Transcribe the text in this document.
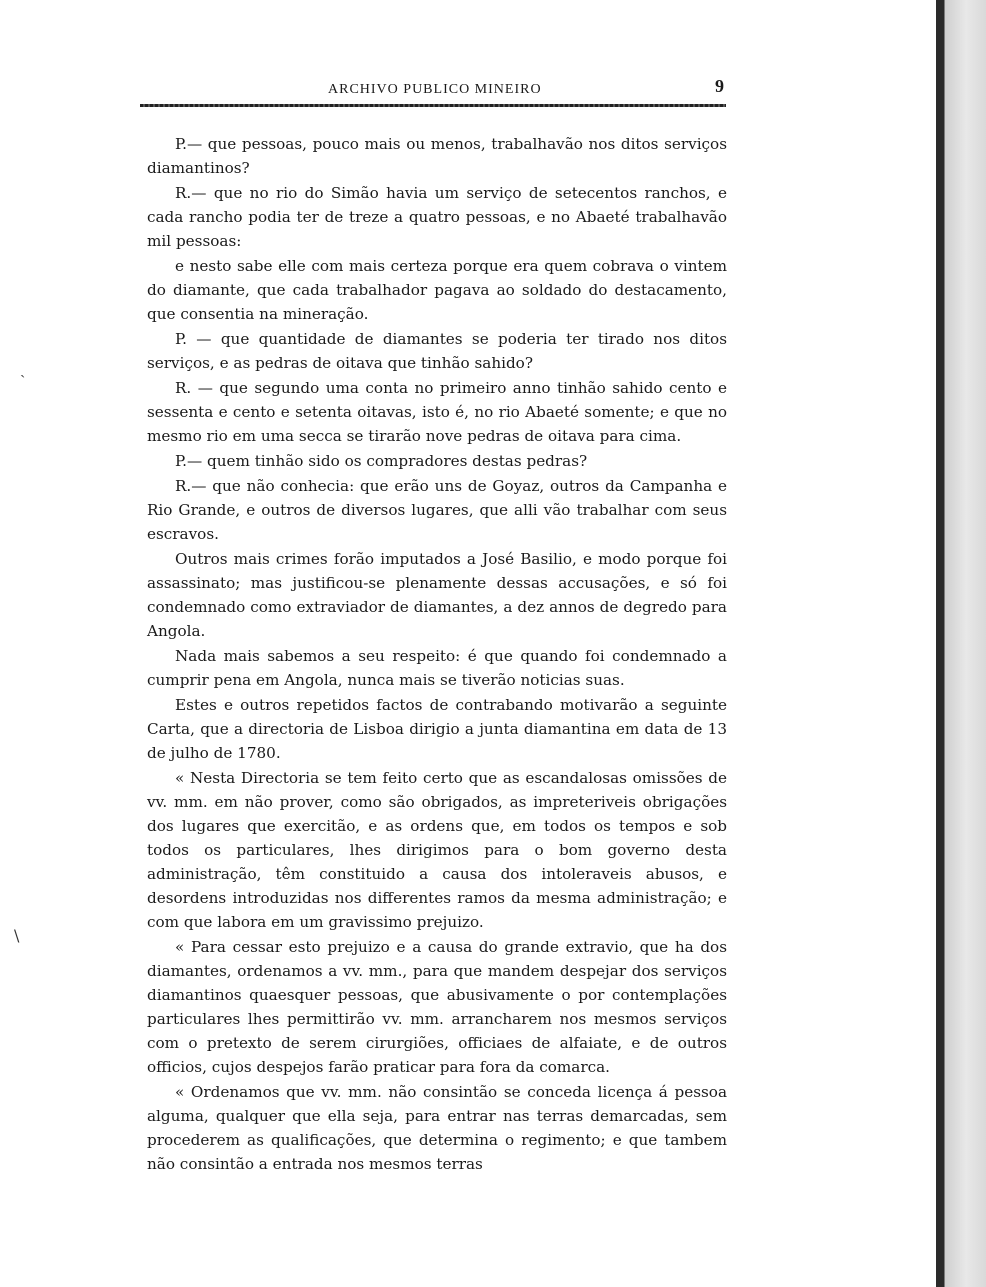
ARCHIVO PUBLICO MINEIRO	9

P.— que pessoas, pouco mais ou menos, trabalhavão nos ditos serviços diamantinos?

R.— que no rio do Simão havia um serviço de setecentos ranchos, e cada rancho podia ter de treze a quatro pessoas, e no Abaeté trabalhavão mil pessoas:

e nesto sabe elle com mais certeza porque era quem cobrava o vintem do diamante, que cada trabalhador pagava ao soldado do destacamento, que consentia na mineração.

P. — que quantidade de diamantes se poderia ter tirado nos ditos serviços, e as pedras de oitava que tinhão sahido?

R. — que segundo uma conta no primeiro anno tinhão sahido cento e sessenta e cento e setenta oitavas, isto é, no rio Abaeté somente; e que no mesmo rio em uma secca se tirarão nove pedras de oitava para cima.

P.— quem tinhão sido os compradores destas pedras?

R.— que não conhecia: que erão uns de Goyaz, outros da Campanha e Rio Grande, e outros de diversos lugares, que alli vão trabalhar com seus escravos.

Outros mais crimes forão imputados a José Basilio, e modo porque foi assassinato; mas justificou-se plenamente dessas accusações, e só foi condemnado como extraviador de diamantes, a dez annos de degredo para Angola.

Nada mais sabemos a seu respeito: é que quando foi condemnado a cumprir pena em Angola, nunca mais se tiverão noticias suas.

Estes e outros repetidos factos de contrabando motivarão a seguinte Carta, que a directoria de Lisboa dirigio a junta diamantina em data de 13 de julho de 1780.

« Nesta Directoria se tem feito certo que as escandalosas omissões de vv. mm. em não prover, como são obrigados, as impreteriveis obrigações dos lugares que exercitão, e as ordens que, em todos os tempos e sob todos os particulares, lhes dirigimos para o bom governo desta administração, têm constituido a causa dos intoleraveis abusos, e desordens introduzidas nos differentes ramos da mesma administração; e com que labora em um gravissimo prejuizo.

« Para cessar esto prejuizo e a causa do grande extravio, que ha dos diamantes, ordenamos a vv. mm., para que mandem despejar dos serviços diamantinos quaesquer pessoas, que abusivamente o por contemplações particulares lhes permittirão vv. mm. arrancharem nos mesmos serviços com o pretexto de serem cirurgiões, officiaes de alfaiate, e de outros officios, cujos despejos farão praticar para fora da comarca.

« Ordenamos que vv. mm. não consintão se conceda licença á pessoa alguma, qualquer que ella seja, para entrar nas terras demarcadas, sem procederem as qualificações, que determina o regimento; e que tambem não consintão a entrada nos mesmos terras

˴
\
